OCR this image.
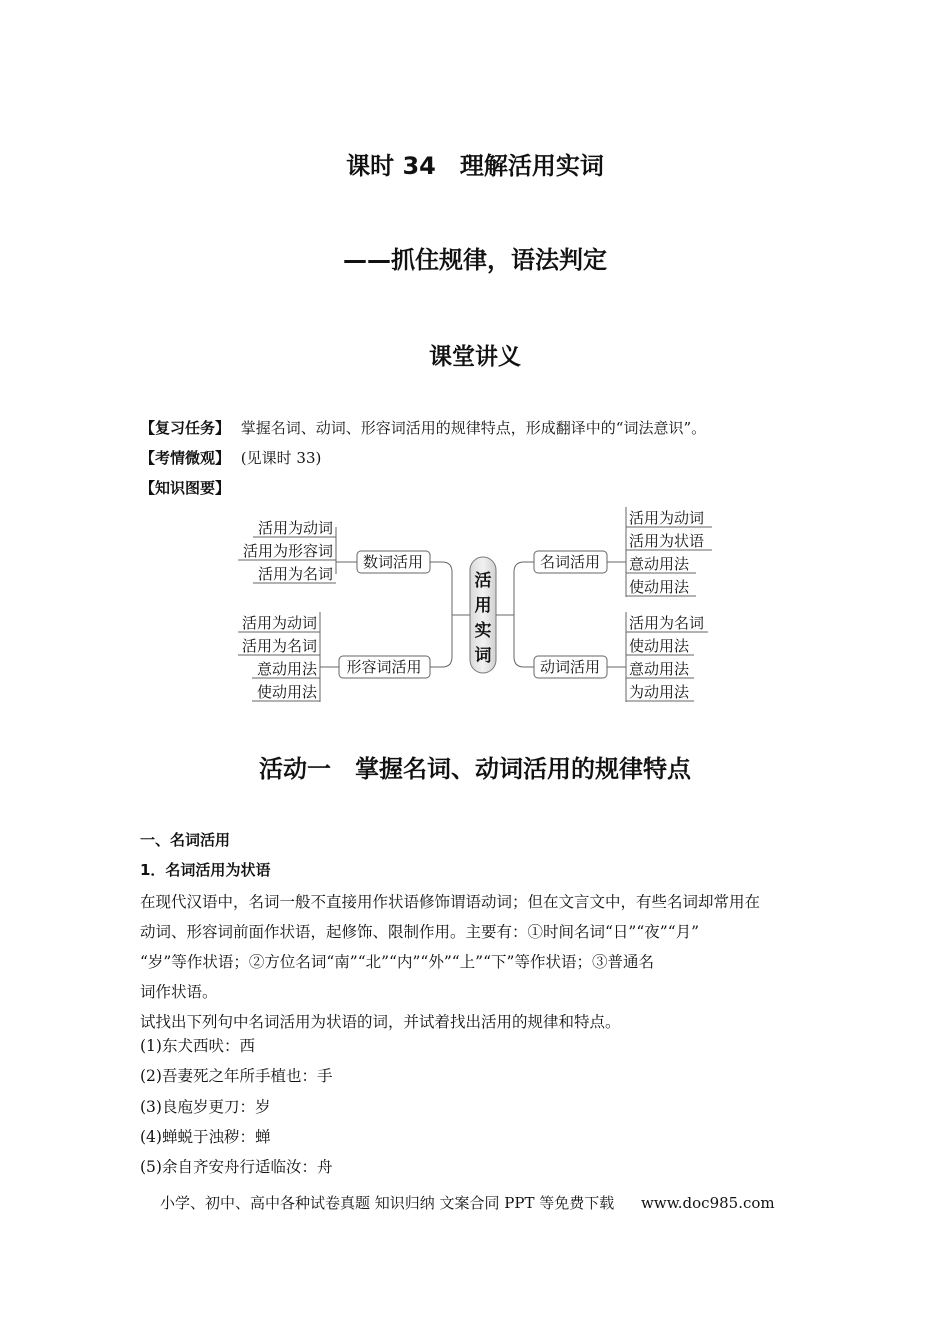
课时 34　理解活用实词
——抓住规律，语法判定
课堂讲义
【复习任务】 掌握名词、动词、形容词活用的规律特点，形成翻译中的“词法意识”。
【考情微观】 (见课时 33)
【知识图要】
活
用
实
词
数词活用
形容词活用
名词活用
动词活用
活用为动词
活用为形容词
活用为名词
活用为动词
活用为名词
意动用法
使动用法
活用为动词
活用为状语
意动用法
使动用法
活用为名词
使动用法
意动用法
为动用法
活动一　掌握名词、动词活用的规律特点
一、名词活用
1．名词活用为状语

在现代汉语中，名词一般不直接用作状语修饰谓语动词；但在文言文中，有些名词却常用在

动词、形容词前面作状语，起修饰、限制作用。主要有：①时间名词“日”“夜”“月”

“岁”等作状语；②方位名词“南”“北”“内”“外”“上”“下”等作状语；③普通名

词作状语。

试找出下列句中名词活用为状语的词，并试着找出活用的规律和特点。

(1)东犬西吠：西
(2)吾妻死之年所手植也：手
(3)良庖岁更刀：岁
(4)蝉蜕于浊秽：蝉
(5)余自齐安舟行适临汝：舟
小学、初中、高中各种试卷真题 知识归纳 文案合同 PPT 等免费下载 www.doc985.com
